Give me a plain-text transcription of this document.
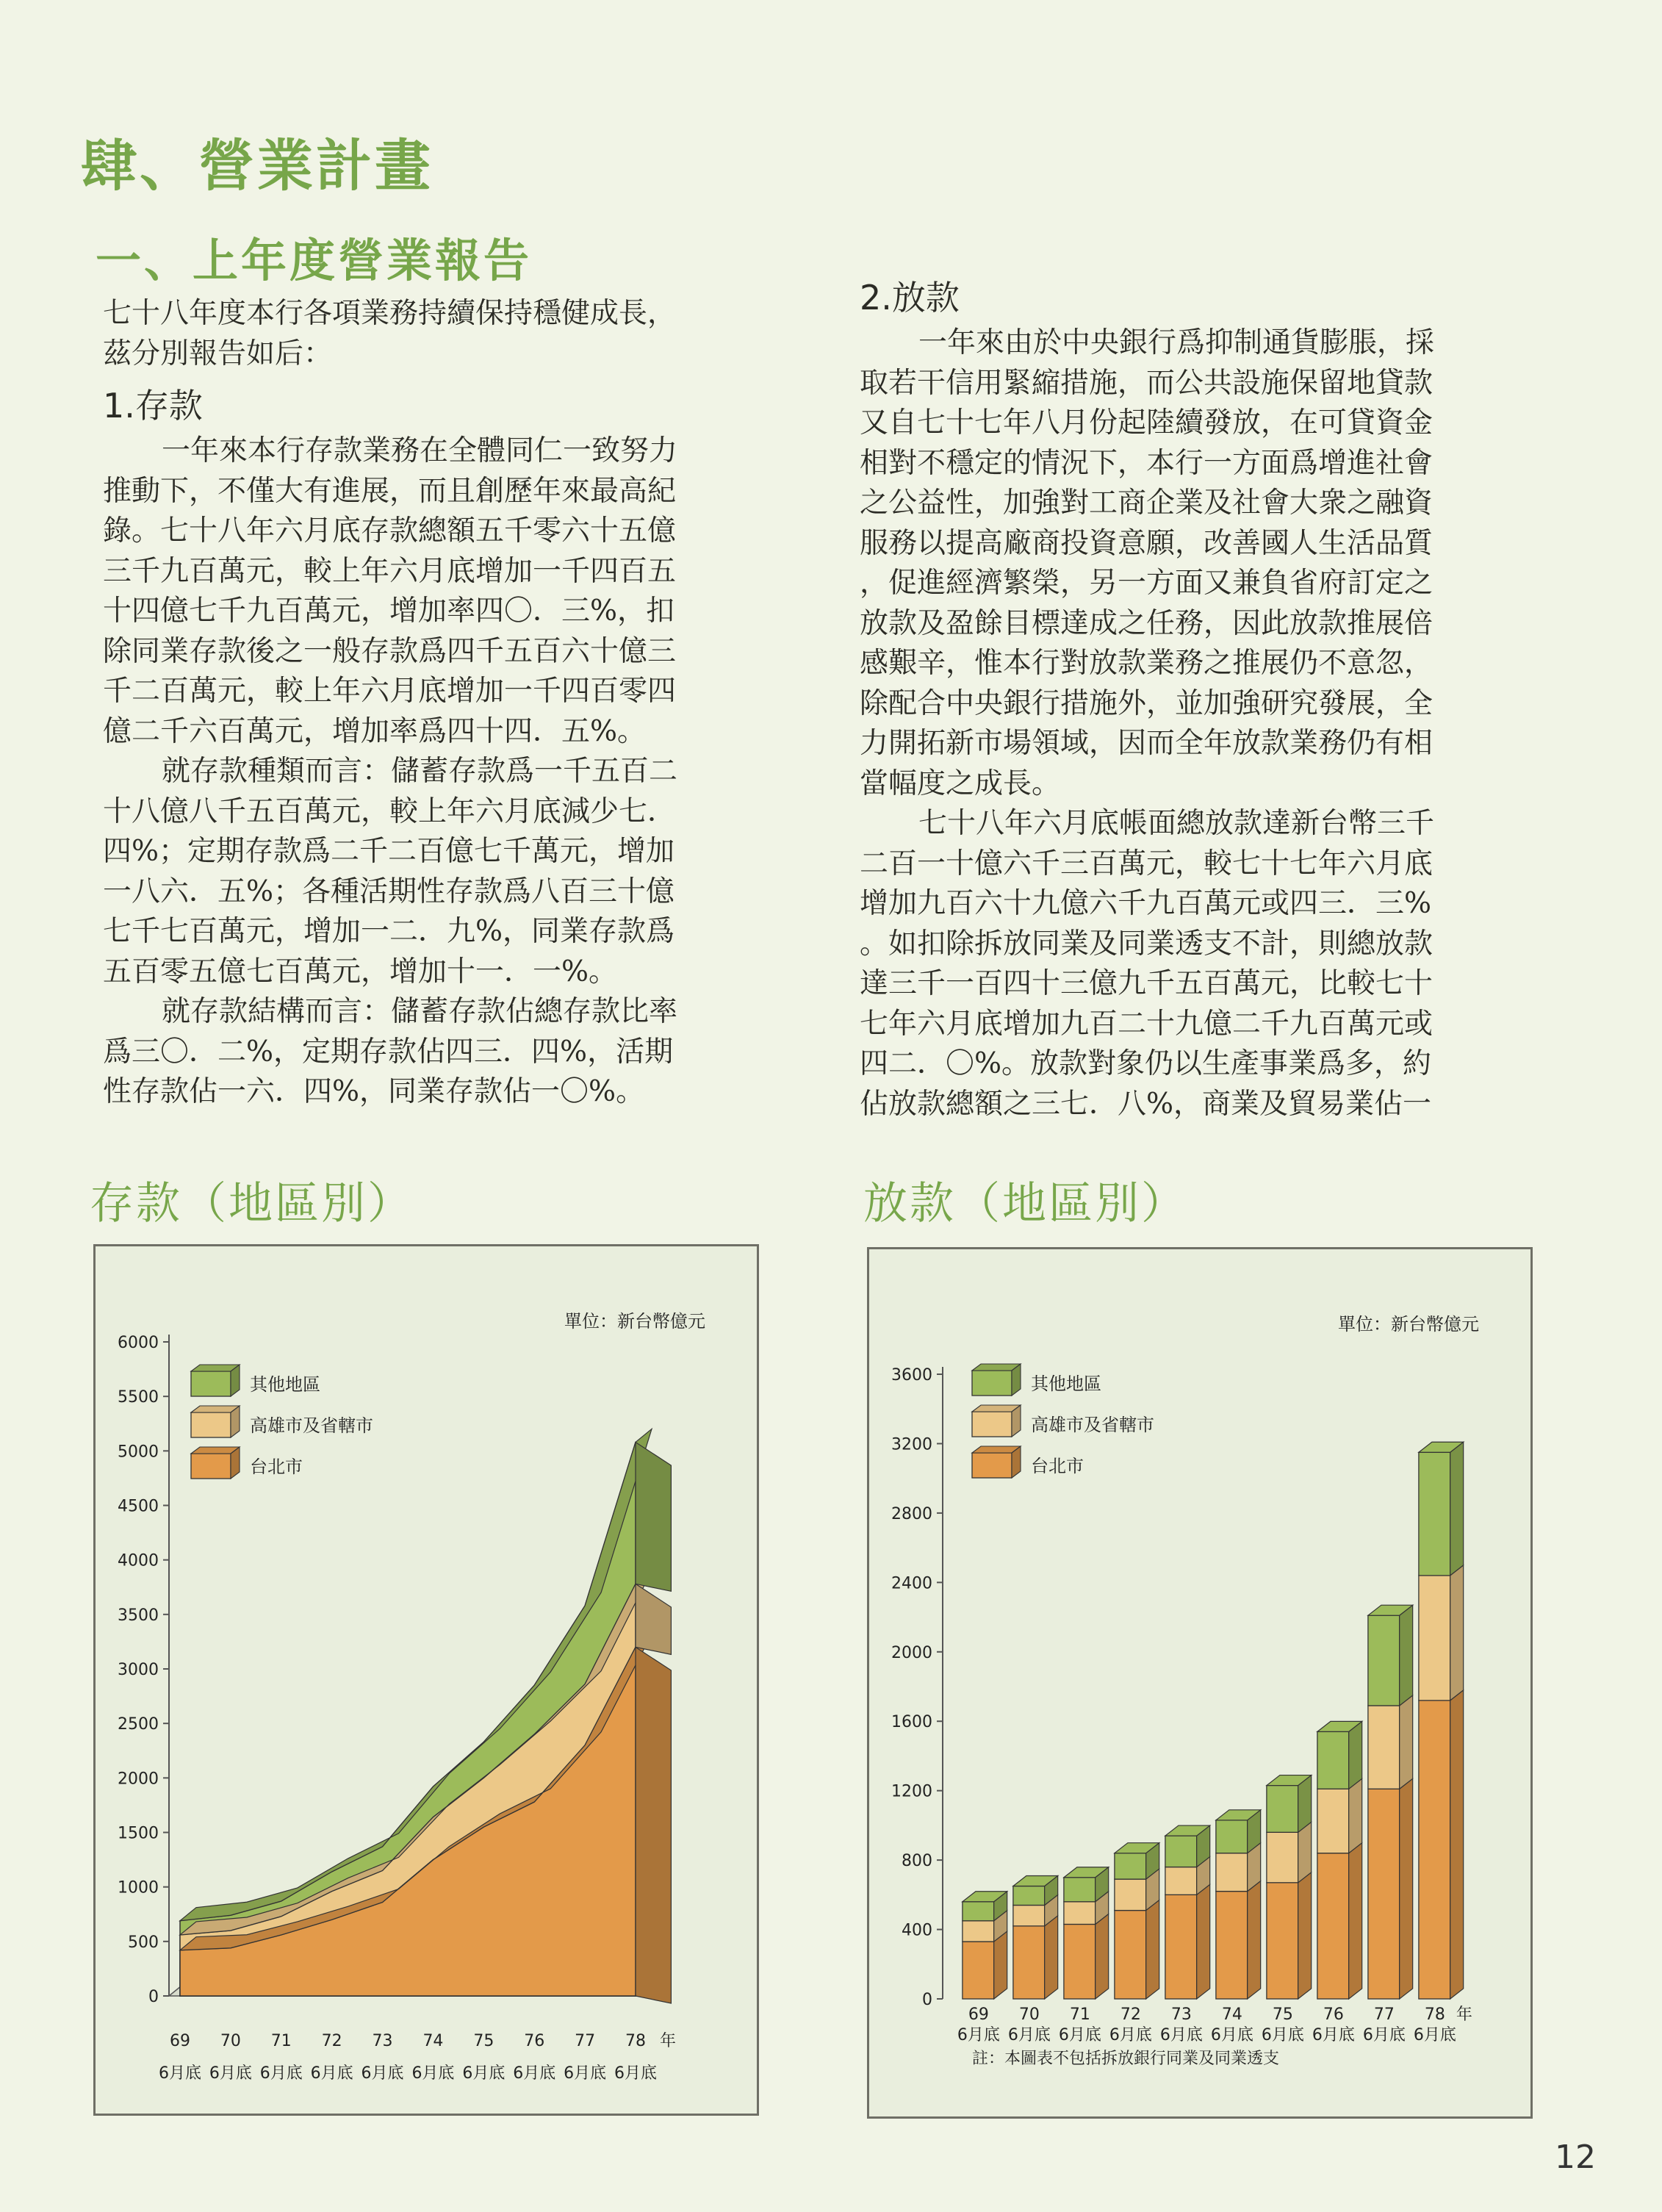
肆、營業計畫
一、上年度營業報告

七十八年度本行各項業務持續保持穩健成長，

茲分別報告如后：

1.存款

一年來本行存款業務在全體同仁一致努力

推動下，不僅大有進展，而且創歷年來最高紀

錄。七十八年六月底存款總額五千零六十五億

三千九百萬元，較上年六月底增加一千四百五

十四億七千九百萬元，增加率四〇．三%，扣

除同業存款後之一般存款爲四千五百六十億三

千二百萬元，較上年六月底增加一千四百零四

億二千六百萬元，增加率爲四十四．五%。

就存款種類而言：儲蓄存款爲一千五百二

十八億八千五百萬元，較上年六月底減少七．

四%；定期存款爲二千二百億七千萬元，增加

一八六．五%；各種活期性存款爲八百三十億

七千七百萬元，增加一二．九%，同業存款爲

五百零五億七百萬元，增加十一．一%。

就存款結構而言：儲蓄存款佔總存款比率

爲三〇．二%，定期存款佔四三．四%，活期

性存款佔一六．四%，同業存款佔一〇%。

2.放款

一年來由於中央銀行爲抑制通貨膨脹，採

取若干信用緊縮措施，而公共設施保留地貸款

又自七十七年八月份起陸續發放，在可貸資金

相對不穩定的情況下，本行一方面爲增進社會

之公益性，加強對工商企業及社會大衆之融資

服務以提高廠商投資意願，改善國人生活品質

，促進經濟繁榮，另一方面又兼負省府訂定之

放款及盈餘目標達成之任務，因此放款推展倍

感艱辛，惟本行對放款業務之推展仍不意忽，

除配合中央銀行措施外，並加強研究發展，全

力開拓新市場領域，因而全年放款業務仍有相

當幅度之成長。

七十八年六月底帳面總放款達新台幣三千

二百一十億六千三百萬元，較七十七年六月底

增加九百六十九億六千九百萬元或四三．三%

。如扣除拆放同業及同業透支不計，則總放款

達三千一百四十三億九千五百萬元，比較七十

七年六月底增加九百二十九億二千九百萬元或

四二．〇%。放款對象仍以生產事業爲多，約

佔放款總額之三七．八%，商業及貿易業佔一

存款（地區別）	放款（地區別）
單位：新台幣億元
0
500
1000
1500
2000
2500
3000
3500
4000
4500
5000
5500
6000
69
6月底
70
6月底
71
6月底
72
6月底
73
6月底
74
6月底
75
6月底
76
6月底
77
6月底
78
6月底
年
其他地區
高雄市及省轄市
台北市
單位：新台幣億元
0
400
800
1200
1600
2000
2400
2800
3200
3600
69
6月底
70
6月底
71
6月底
72
6月底
73
6月底
74
6月底
75
6月底
76
6月底
77
6月底
78
6月底
年
註：本圖表不包括拆放銀行同業及同業透支
其他地區
高雄市及省轄市
台北市
12
